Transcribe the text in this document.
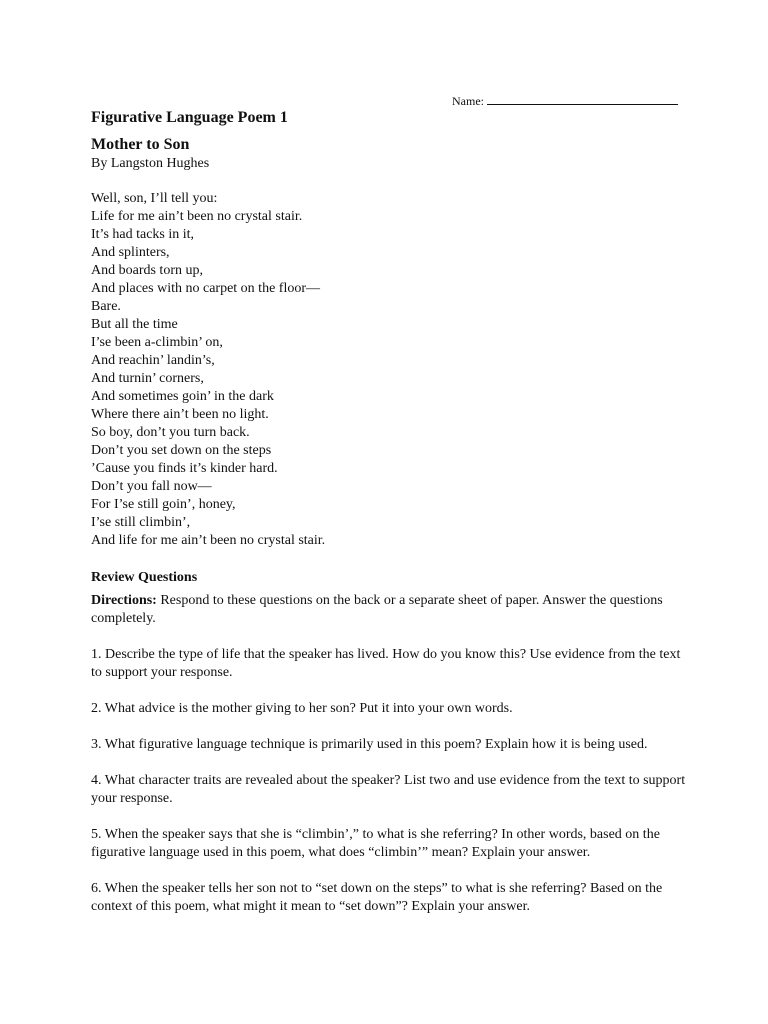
Name:
Figurative Language Poem 1
Mother to Son
By Langston Hughes
Well, son, I’ll tell you:
Life for me ain’t been no crystal stair.
It’s had tacks in it,
And splinters,
And boards torn up,
And places with no carpet on the floor—
Bare.
But all the time
I’se been a-climbin’ on,
And reachin’ landin’s,
And turnin’ corners,
And sometimes goin’ in the dark
Where there ain’t been no light.
So boy, don’t you turn back.
Don’t you set down on the steps
’Cause you finds it’s kinder hard.
Don’t you fall now—
For I’se still goin’, honey,
I’se still climbin’,
And life for me ain’t been no crystal stair.
Review Questions
Directions: Respond to these questions on the back or a separate sheet of paper. Answer the questions completely.
1. Describe the type of life that the speaker has lived. How do you know this? Use evidence from the text to support your response.
2. What advice is the mother giving to her son? Put it into your own words.
3. What figurative language technique is primarily used in this poem? Explain how it is being used.
4. What character traits are revealed about the speaker? List two and use evidence from the text to support your response.
5. When the speaker says that she is “climbin’,” to what is she referring? In other words, based on the figurative language used in this poem, what does “climbin’” mean? Explain your answer.
6. When the speaker tells her son not to “set down on the steps” to what is she referring? Based on the context of this poem, what might it mean to “set down”? Explain your answer.
